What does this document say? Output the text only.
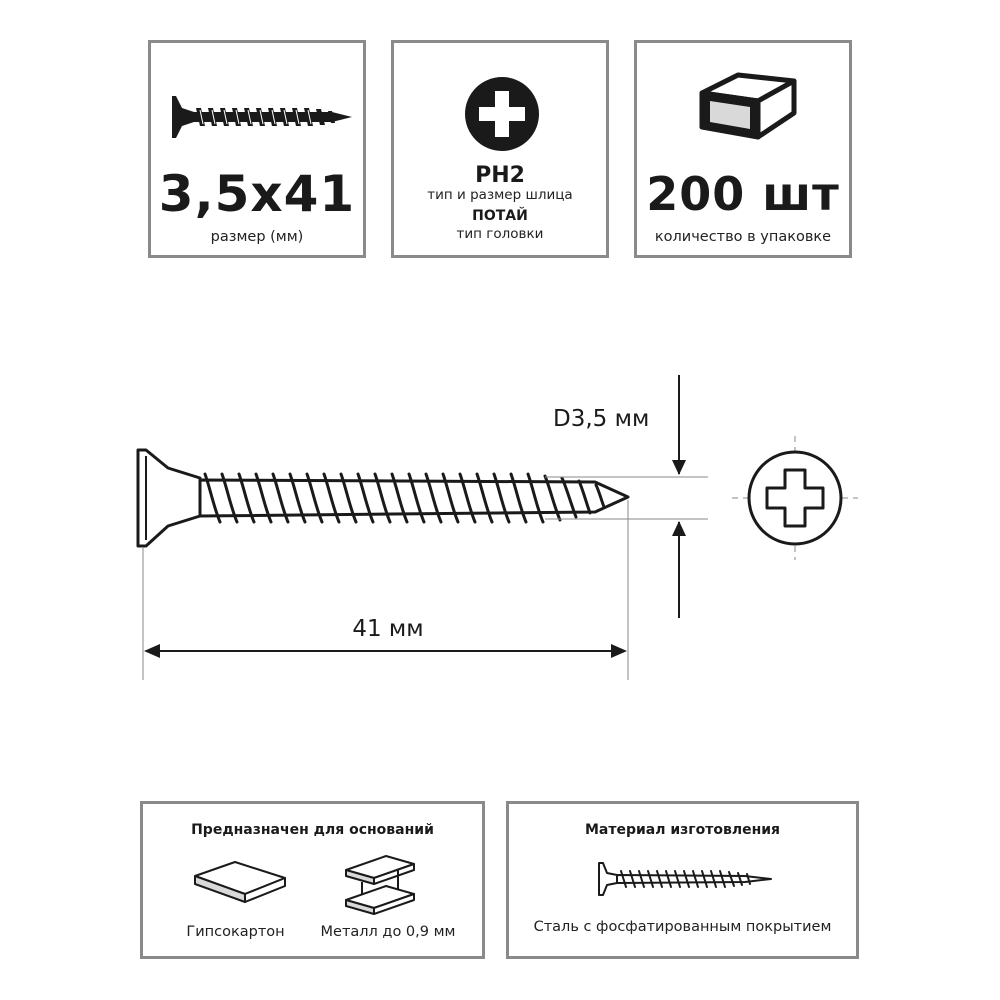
3,5x41
размер (мм)
PH2
тип и размер шлица
ПОТАЙ
тип головки
200 шт
количество в упаковке
D3,5 мм
41 мм
Предназначен для оснований
Гипсокартон	Металл до 0,9 мм
Материал изготовления
Сталь с фосфатированным покрытием
